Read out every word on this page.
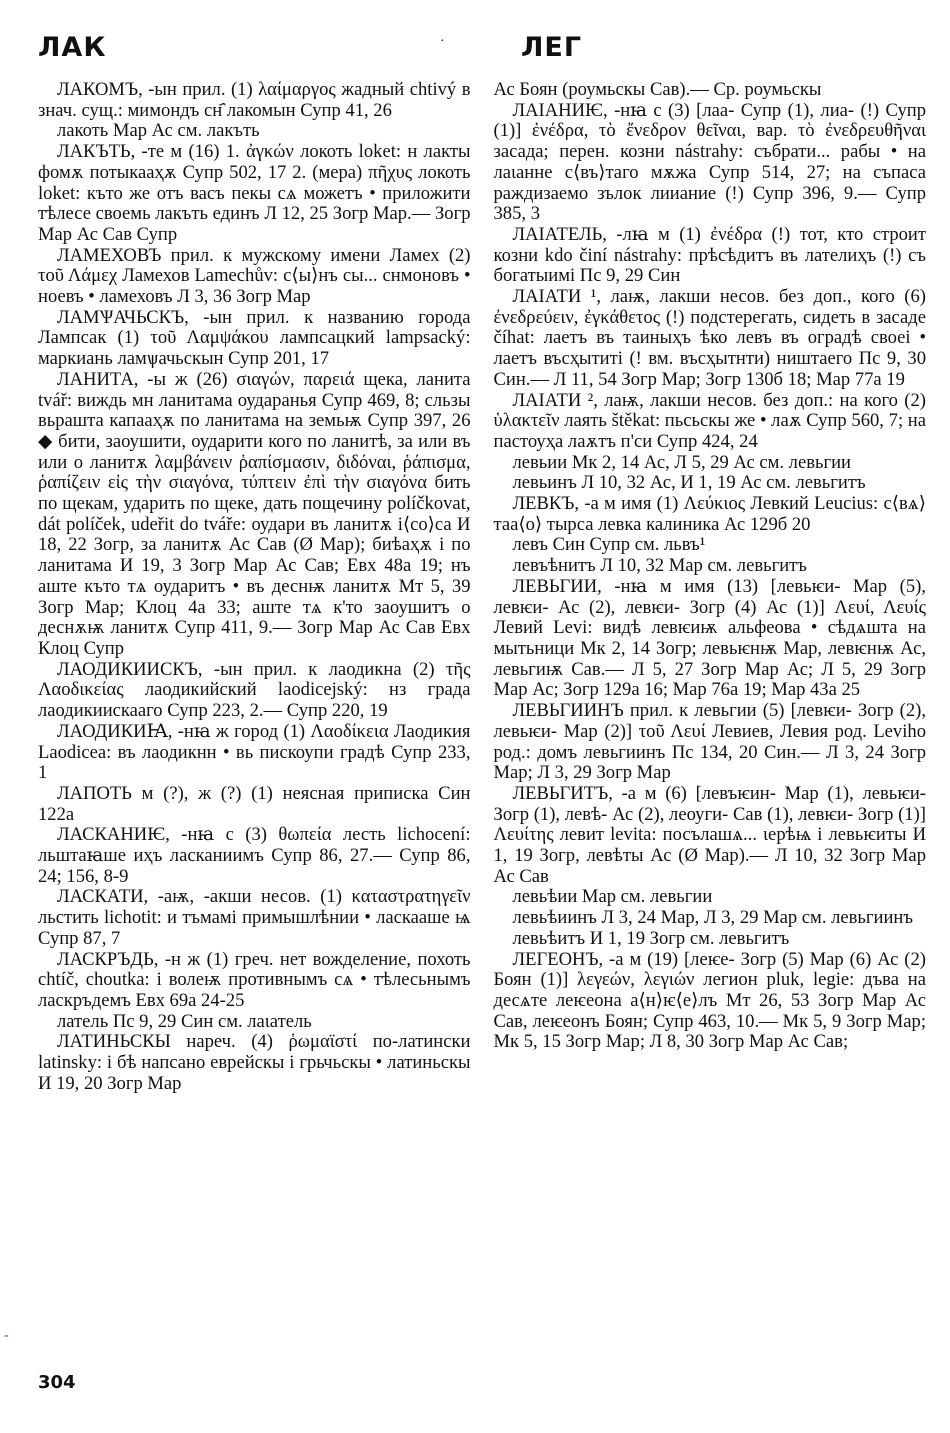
ЛАК	·	ЛЕГ

ЛАКОМЪ, -ын прил. (1) λαίμαργος жадный chtivý в знач. сущ.: мимондъ сн҄ лакомын Супр 41, 26

лакоть Мар Ас см. лакъть

ЛАКЪТЬ, -те м (16) 1. ἀγκών локоть loket: н лакты фомѫ потыкааҳѫ Супр 502, 17 2. (мера) πῆχυς локоть loket: къто же отъ васъ пекы сѧ можетъ • приложити тѣлесе своемь лакъть единъ Л 12, 25 Зогр Мар.— Зогр Мар Ас Сав Супр

ЛАМЕХОВЪ прил. к мужскому имени Ламех (2) τοῦ Λάμεχ Ламехов Lamechův: с⟨ы⟩нъ сы... снмоновъ • ноевъ • ламеховъ Л 3, 36 Зогр Мар

ЛАМѰАЧЬСКЪ, -ын прил. к названию города Лампсак (1) τοῦ Λαμψάκου лампсацкий lampsacký: маркиань ламѱачьскын Супр 201, 17

ЛАНИТА, -ы ж (26) σιαγών, παρειά щека, ланита tvář: виждь мн ланитама оударанья Супр 469, 8; сльзы вьрашта капааҳѫ по ланитама на земьѭ Супр 397, 26 ◆ бити, заоушити, оударити кого по ланитѣ, за или въ или о ланитѫ λαμβάνειν ῥαπίσμασιν, διδόναι, ῥάπισμα, ῥαπίζειν εἰς τὴν σιαγόνα, τύπτειν ἐπὶ τὴν σιαγόνα бить по щекам, ударить по щеке, дать пощечину políčkovat, dát políček, udeřit do tváře: оудари въ ланитѫ і⟨со⟩са И 18, 22 Зогр, за ланитѫ Ас Сав (Ø Мар); биѣаҳѫ і по ланитама И 19, 3 Зогр Мар Ас Сав; Евх 48а 19; нъ аште къто тѧ оударитъ • въ деснѭ ланитѫ Мт 5, 39 Зогр Мар; Клоц 4а 33; аште тѧ к'то заоушитъ о деснѫѭ ланитѫ Супр 411, 9.— Зогр Мар Ас Сав Евх Клоц Супр

ЛАОДИКИИСКЪ, -ын прил. к лаодикна (2) τῆς Λαοδικείας лаодикийский laodicejský: нз града лаодикиискааго Супр 223, 2.— Супр 220, 19

ЛАОДИКИꙖ, -нꙗ ж город (1) Λαοδίκεια Лаодикия Laodicea: въ лаодикнн • вь пискоупи градѣ Супр 233, 1

ЛАПОТЬ м (?), ж (?) (1) неясная приписка Син 122а

ЛАСКАНИѤ, -нꙗ с (3) θωπεία лесть lichocení: льштаꙗше иҳъ ласканиимъ Супр 86, 27.— Супр 86, 24; 156, 8-9

ЛАСКАТИ, -аѭ, -акши несов. (1) καταστρατηγεῖν льстить lichotit: и тъмамі примышлѣнии • ласкааше ѩ Супр 87, 7

ЛАСКРЪДЬ, -н ж (1) греч. нет вожделение, похоть chtíč, choutka: і волеѭ противнымъ сѧ • тѣлесьнымъ ласкръдемъ Евх 69а 24-25

латель Пс 9, 29 Син см. лаιатель

ЛАТИНЬСКЫ нареч. (4) ῥωμαϊστί по-латински latinsky: і бѣ напсано еврейскы і грьчьскы • латиньскы И 19, 20 Зогр Мар

Ас Боян (роумьскы Сав).— Ср. роумьскы

ЛАΙАНИѤ, -нꙗ с (3) [лаа- Супр (1), лиа- (!) Супр (1)] ἐνέδρα, τὸ ἔνεδρον θεῖναι, вар. τὸ ἐνεδρευθῆναι засада; перен. козни nástrahy: събрати... рабы • на лаιанне с⟨въ⟩таго мѫжа Супр 514, 27; на съпаса раждизаемо зълок лииание (!) Супр 396, 9.— Супр 385, 3

ЛАΙАТЕЛЬ, -лꙗ м (1) ἐνέδρα (!) тот, кто строит козни kdo činí nástrahy: прѣсѣдитъ въ лателиҳъ (!) съ богатыимі Пс 9, 29 Син

ЛАΙАТИ ¹, лаѭ, лакши несов. без доп., кого (6) ἐνεδρεύειν, ἐγκάθετος (!) подстерегать, сидеть в засаде číhat: лаетъ въ таиныҳъ ѣко левъ въ оградѣ своеі • лаетъ въсҳытиті (! вм. въсҳытнти) ништаего Пс 9, 30 Син.— Л 11, 54 Зогр Мар; Зогр 130б 18; Мар 77а 19

ЛАΙАТИ ², лаѭ, лакши несов. без доп.: на кого (2) ὑλακτεῖν лаять štěkat: пьсьскы же • лаѫ Супр 560, 7; на пастоуҳа лаѫтъ п'си Супр 424, 24

левьии Мк 2, 14 Ас, Л 5, 29 Ас см. левьгии

левьинъ Л 10, 32 Ас, И 1, 19 Ас см. левьгитъ

ЛЕВКЪ, -а м имя (1) Λεύκιος Левкий Leucius: с⟨вѧ⟩таа⟨о⟩ тырса левка калиника Ас 129б 20

левъ Син Супр см. львъ¹

левъѣнитъ Л 10, 32 Мар см. левьгитъ

ЛЕВЬГИИ, -нꙗ м имя (13) [левьѥи- Мар (5), левѥи- Ас (2), левѥи- Зогр (4) Ас (1)] Λευί, Λευίς Левий Levi: видѣ левѥиѭ альфеова • сѣдѧшта на мытьници Мк 2, 14 Зогр; левьѥнѭ Мар, левѥнѭ Ас, левьгиѭ Сав.— Л 5, 27 Зогр Мар Ас; Л 5, 29 Зогр Мар Ас; Зогр 129а 16; Мар 76а 19; Мар 43а 25

ЛЕВЬГИИНЪ прил. к левьгии (5) [левѥи- Зогр (2), левьѥи- Мар (2)] τοῦ Λευί Левиев, Левия род. Leviho род.: домъ левьгиинъ Пс 134, 20 Син.— Л 3, 24 Зогр Мар; Л 3, 29 Зогр Мар

ЛЕВЬГИТЪ, -а м (6) [левъѥин- Мар (1), левьѥи- Зогр (1), левѣ- Ас (2), леоуги- Сав (1), левѥи- Зогр (1)] Λευίτης левит levita: посълашѧ... ιерѣѩ і левьѥиты И 1, 19 Зогр, левѣты Ас (Ø Мар).— Л 10, 32 Зогр Мар Ас Сав

левьѣии Мар см. левьгии

левьѣиинъ Л 3, 24 Мар, Л 3, 29 Мар см. левьгиинъ

левьѣитъ И 1, 19 Зогр см. левьгитъ

ЛЕГЕОНЪ, -а м (19) [леѥе- Зогр (5) Мар (6) Ас (2) Боян (1)] λεγεών, λεγιών легион pluk, legie: дъва на десѧте леѥеона а⟨н⟩ѥ⟨е⟩лъ Мт 26, 53 Зогр Мар Ас Сав, леѥеонъ Боян; Супр 463, 10.— Мк 5, 9 Зогр Мар; Мк 5, 15 Зогр Мар; Л 8, 30 Зогр Мар Ас Сав;

-
304
